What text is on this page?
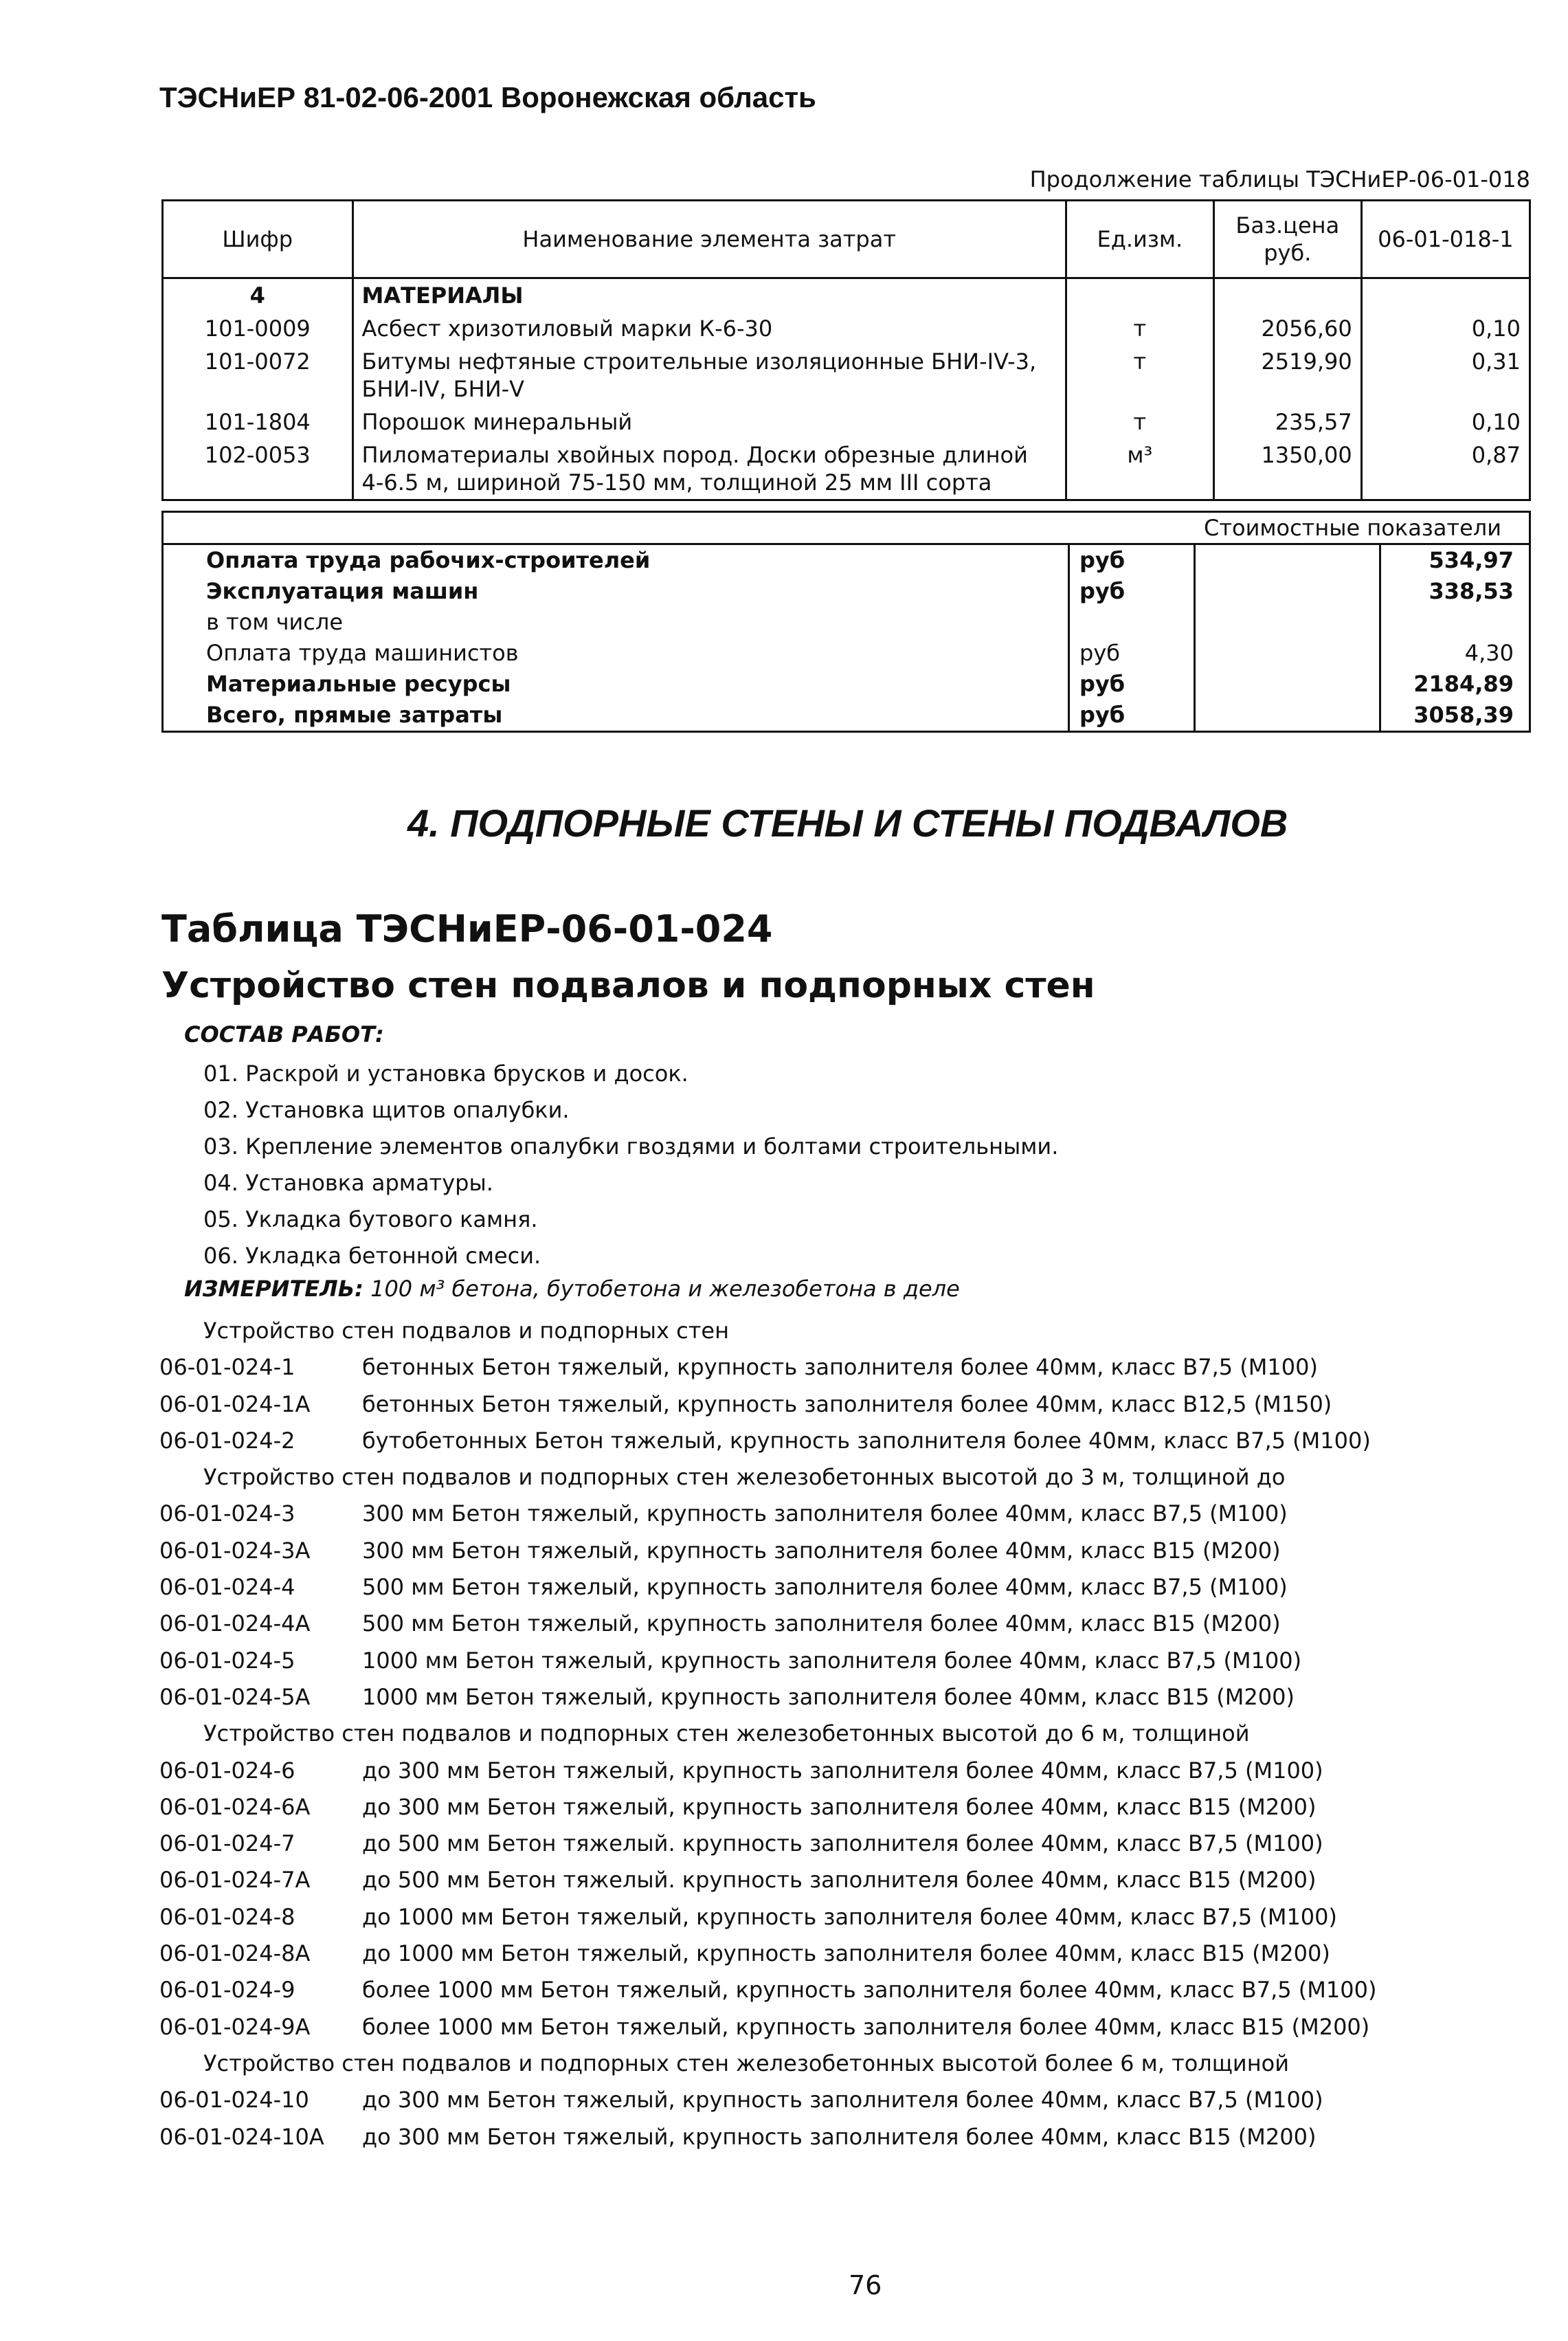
ТЭСНиЕР 81-02-06-2001 Воронежская область
Продолжение таблицы ТЭСНиЕР-06-01-018
Шифр	Наименование элемента затрат	Ед.изм.	Баз.цена руб.	06-01-018-1
4	МАТЕРИАЛЫ			
101-0009	Асбест хризотиловый марки К-6-30	т	2056,60	0,10
101-0072	Битумы нефтяные строительные изоляционные БНИ-IV-3, БНИ-IV, БНИ-V	т	2519,90	0,31
101-1804	Порошок минеральный	т	235,57	0,10
102-0053	Пиломатериалы хвойных пород. Доски обрезные длиной 4-6.5 м, шириной 75-150 мм, толщиной 25 мм III сорта	м³	1350,00	0,87
Стоимостные показатели
Оплата труда рабочих-строителей	руб	534,97
Эксплуатация машин	руб	338,53
в том числе
Оплата труда машинистов	руб	4,30
Материальные ресурсы	руб	2184,89
Всего, прямые затраты	руб	3058,39
4. ПОДПОРНЫЕ СТЕНЫ И СТЕНЫ ПОДВАЛОВ
Таблица ТЭСНиЕР-06-01-024
Устройство стен подвалов и подпорных стен
СОСТАВ РАБОТ:
01. Раскрой и установка брусков и досок.
02. Установка щитов опалубки.
03. Крепление элементов опалубки гвоздями и болтами строительными.
04. Установка арматуры.
05. Укладка бутового камня.
06. Укладка бетонной смеси.
ИЗМЕРИТЕЛЬ: 100 м³ бетона, бутобетона и железобетона в деле
Устройство стен подвалов и подпорных стен
06-01-024-1	бетонных Бетон тяжелый, крупность заполнителя более 40мм, класс В7,5 (М100)
06-01-024-1А	бетонных Бетон тяжелый, крупность заполнителя более 40мм, класс В12,5 (М150)
06-01-024-2	бутобетонных Бетон тяжелый, крупность заполнителя более 40мм, класс В7,5 (М100)
Устройство стен подвалов и подпорных стен железобетонных высотой до 3 м, толщиной до
06-01-024-3	300 мм Бетон тяжелый, крупность заполнителя более 40мм, класс В7,5 (М100)
06-01-024-3А	300 мм Бетон тяжелый, крупность заполнителя более 40мм, класс В15 (М200)
06-01-024-4	500 мм Бетон тяжелый, крупность заполнителя более 40мм, класс В7,5 (М100)
06-01-024-4А	500 мм Бетон тяжелый, крупность заполнителя более 40мм, класс В15 (М200)
06-01-024-5	1000 мм Бетон тяжелый, крупность заполнителя более 40мм, класс В7,5 (М100)
06-01-024-5А	1000 мм Бетон тяжелый, крупность заполнителя более 40мм, класс В15 (М200)
Устройство стен подвалов и подпорных стен железобетонных высотой до 6 м, толщиной
06-01-024-6	до 300 мм Бетон тяжелый, крупность заполнителя более 40мм, класс В7,5 (М100)
06-01-024-6А	до 300 мм Бетон тяжелый, крупность заполнителя более 40мм, класс В15 (М200)
06-01-024-7	до 500 мм Бетон тяжелый. крупность заполнителя более 40мм, класс В7,5 (М100)
06-01-024-7А	до 500 мм Бетон тяжелый. крупность заполнителя более 40мм, класс В15 (М200)
06-01-024-8	до 1000 мм Бетон тяжелый, крупность заполнителя более 40мм, класс В7,5 (М100)
06-01-024-8А	до 1000 мм Бетон тяжелый, крупность заполнителя более 40мм, класс В15 (М200)
06-01-024-9	более 1000 мм Бетон тяжелый, крупность заполнителя более 40мм, класс В7,5 (М100)
06-01-024-9А	более 1000 мм Бетон тяжелый, крупность заполнителя более 40мм, класс В15 (М200)
Устройство стен подвалов и подпорных стен железобетонных высотой более 6 м, толщиной
06-01-024-10	до 300 мм Бетон тяжелый, крупность заполнителя более 40мм, класс В7,5 (М100)
06-01-024-10А	до 300 мм Бетон тяжелый, крупность заполнителя более 40мм, класс В15 (М200)
76
